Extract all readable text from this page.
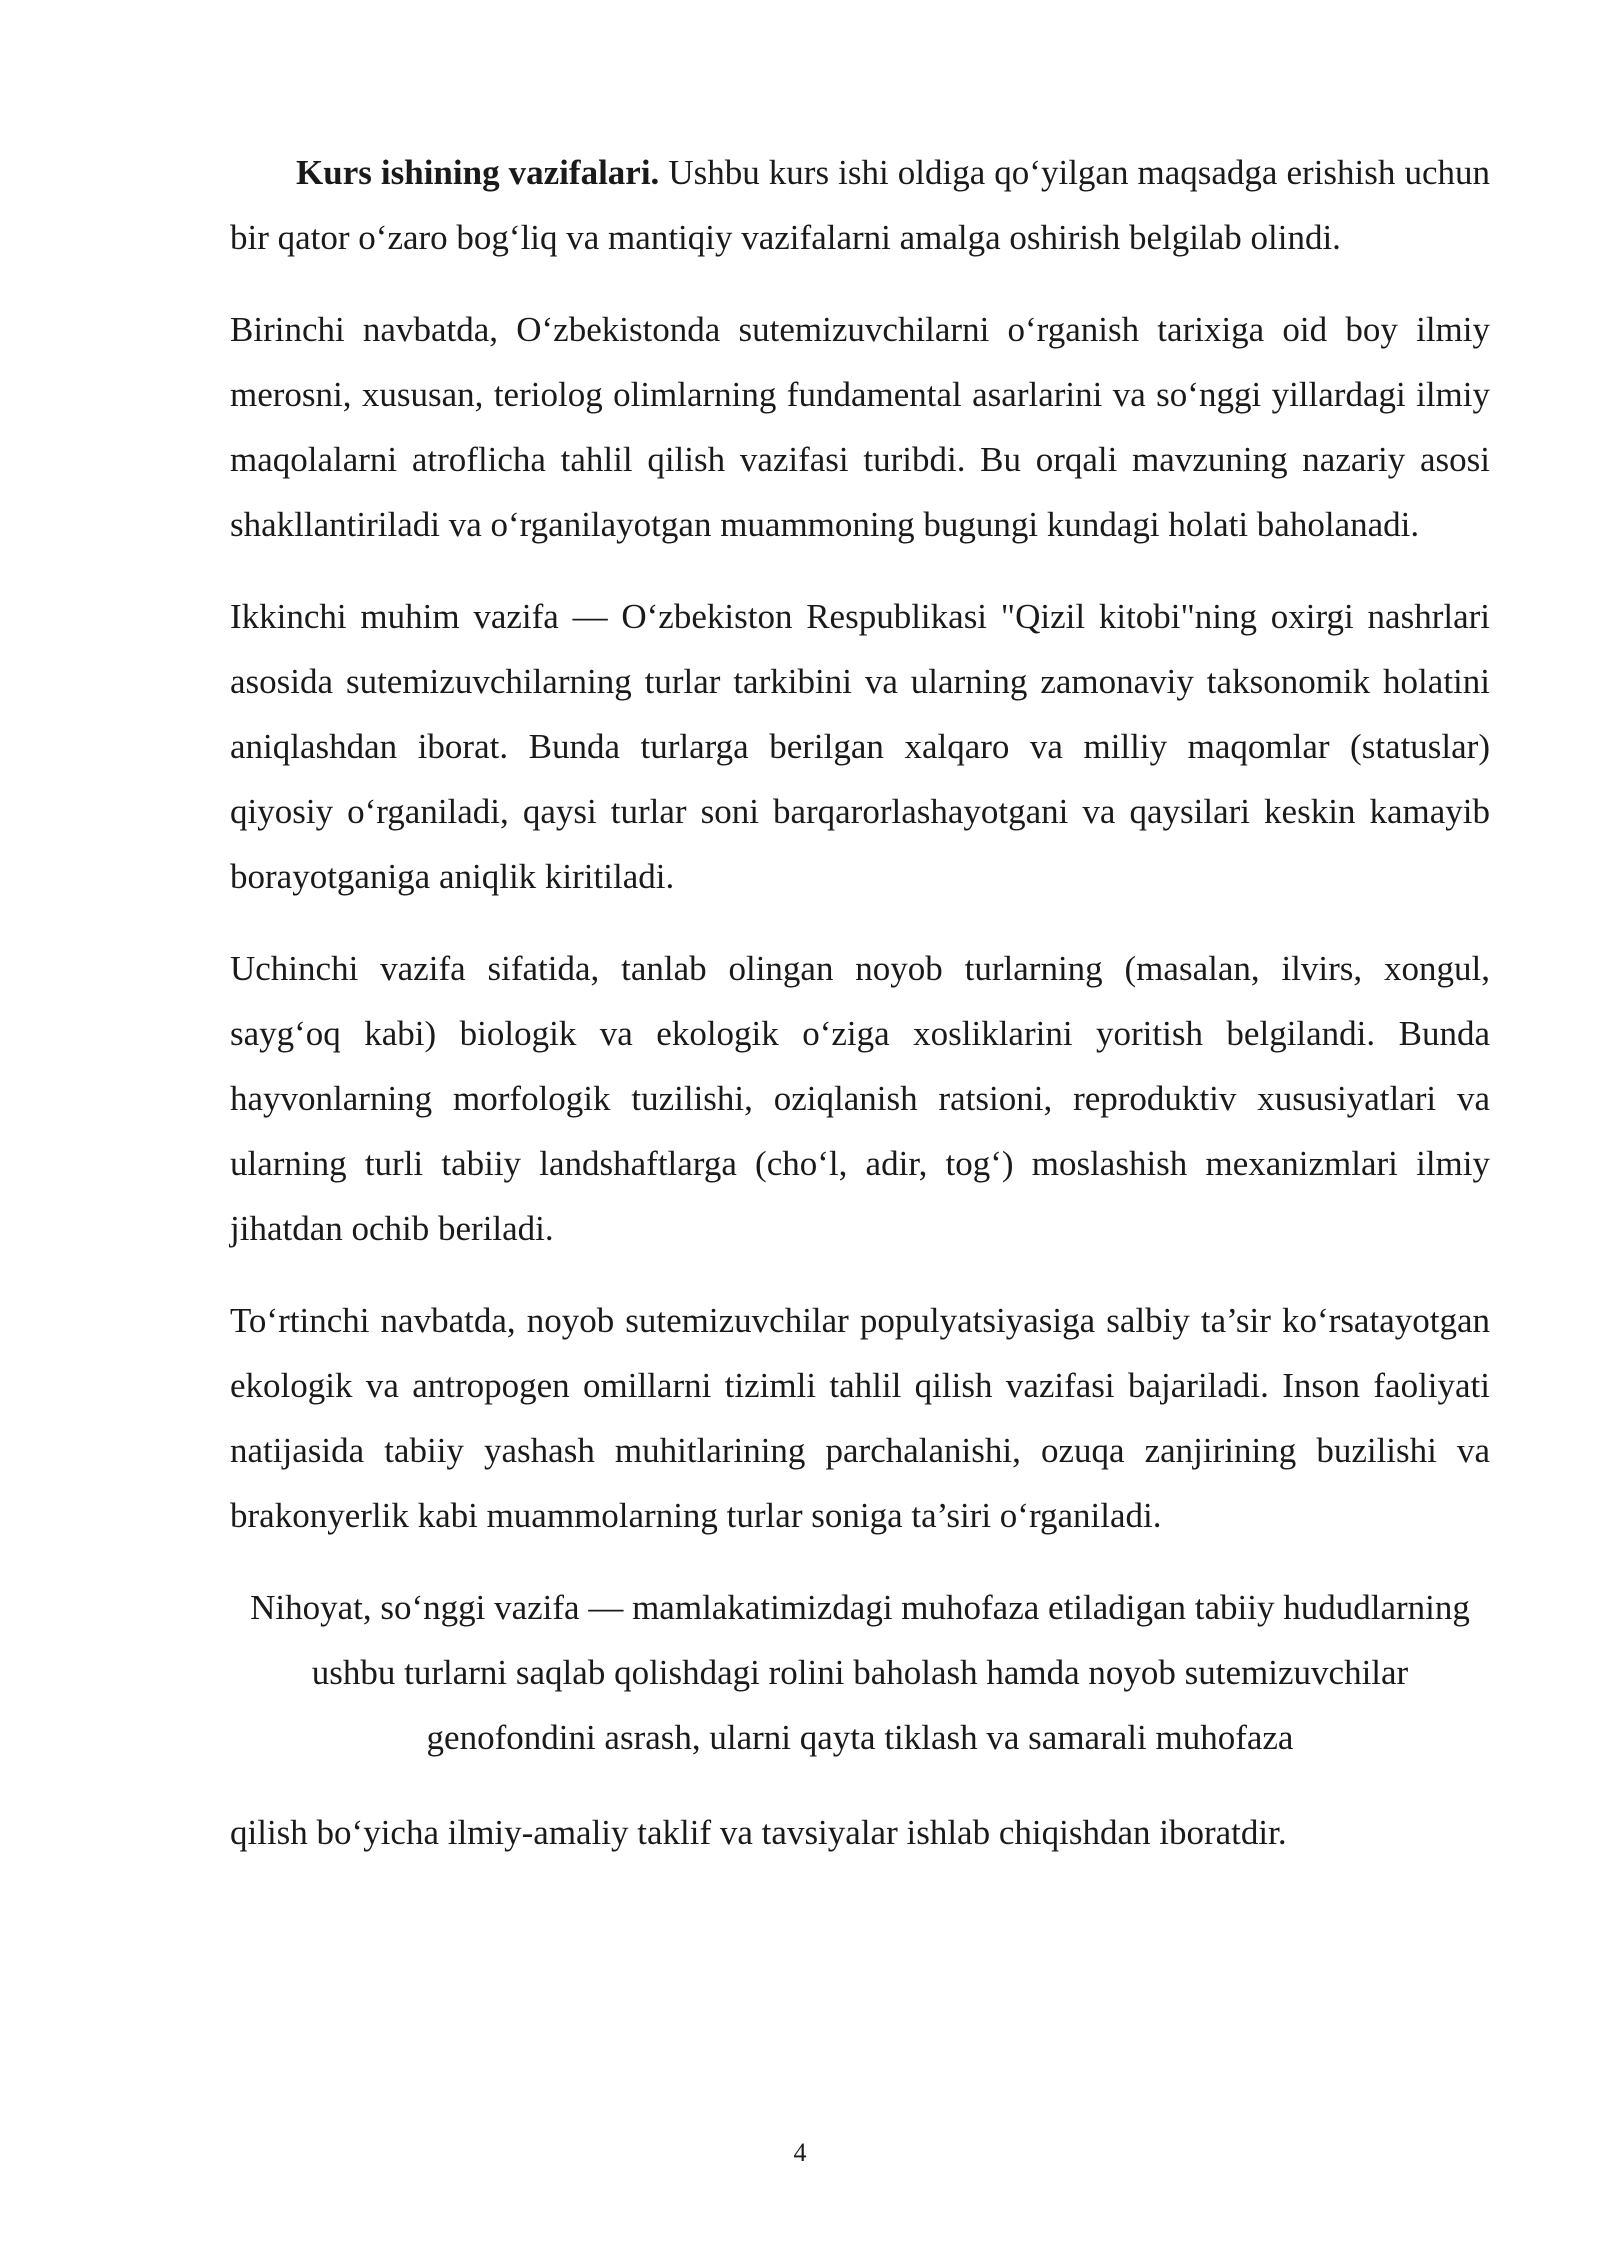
Kurs ishining vazifalari. Ushbu kurs ishi oldiga qo‘yilgan maqsadga erishish uchun bir qator o‘zaro bog‘liq va mantiqiy vazifalarni amalga oshirish belgilab olindi.

Birinchi navbatda, O‘zbekistonda sutemizuvchilarni o‘rganish tarixiga oid boy ilmiy merosni, xususan, teriolog olimlarning fundamental asarlarini va so‘nggi yillardagi ilmiy maqolalarni atroflicha tahlil qilish vazifasi turibdi. Bu orqali mavzuning nazariy asosi shakllantiriladi va o‘rganilayotgan muammoning bugungi kundagi holati baholanadi.

Ikkinchi muhim vazifa — O‘zbekiston Respublikasi "Qizil kitobi"ning oxirgi nashrlari asosida sutemizuvchilarning turlar tarkibini va ularning zamonaviy taksonomik holatini aniqlashdan iborat. Bunda turlarga berilgan xalqaro va milliy maqomlar (statuslar) qiyosiy o‘rganiladi, qaysi turlar soni barqarorlashayotgani va qaysilari keskin kamayib borayotganiga aniqlik kiritiladi.

Uchinchi vazifa sifatida, tanlab olingan noyob turlarning (masalan, ilvirs, xongul, sayg‘oq kabi) biologik va ekologik o‘ziga xosliklarini yoritish belgilandi. Bunda hayvonlarning morfologik tuzilishi, oziqlanish ratsioni, reproduktiv xususiyatlari va ularning turli tabiiy landshaftlarga (cho‘l, adir, tog‘) moslashish mexanizmlari ilmiy jihatdan ochib beriladi.

To‘rtinchi navbatda, noyob sutemizuvchilar populyatsiyasiga salbiy ta’sir ko‘rsatayotgan ekologik va antropogen omillarni tizimli tahlil qilish vazifasi bajariladi. Inson faoliyati natijasida tabiiy yashash muhitlarining parchalanishi, ozuqa zanjirining buzilishi va brakonyerlik kabi muammolarning turlar soniga ta’siri o‘rganiladi.

Nihoyat, so‘nggi vazifa — mamlakatimizdagi muhofaza etiladigan tabiiy hududlarning ushbu turlarni saqlab qolishdagi rolini baholash hamda noyob sutemizuvchilar genofondini asrash, ularni qayta tiklash va samarali muhofaza

qilish bo‘yicha ilmiy-amaliy taklif va tavsiyalar ishlab chiqishdan iboratdir.

4
